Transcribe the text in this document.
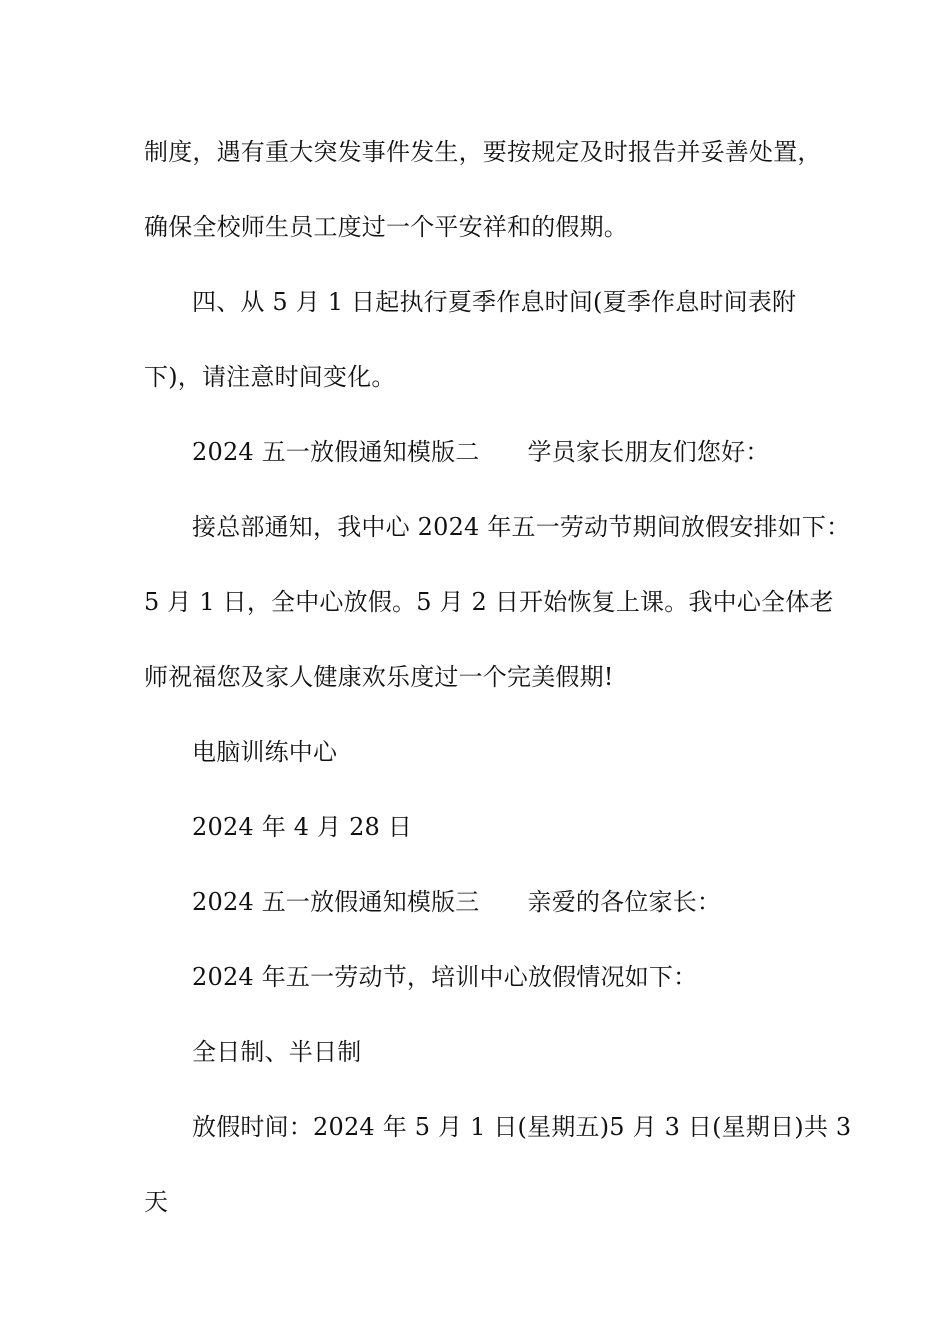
制度，遇有重大突发事件发生，要按规定及时报告并妥善处置，
确保全校师生员工度过一个平安祥和的假期。
四、从 5 月 1 日起执行夏季作息时间(夏季作息时间表附
下)，请注意时间变化。
2024 五一放假通知模版二 学员家长朋友们您好：
接总部通知，我中心 2024 年五一劳动节期间放假安排如下：
5 月 1 日，全中心放假。5 月 2 日开始恢复上课。我中心全体老
师祝福您及家人健康欢乐度过一个完美假期!
电脑训练中心
2024 年 4 月 28 日
2024 五一放假通知模版三 亲爱的各位家长：
2024 年五一劳动节，培训中心放假情况如下：
全日制、半日制
放假时间：2024 年 5 月 1 日(星期五)5 月 3 日(星期日)共 3
天
